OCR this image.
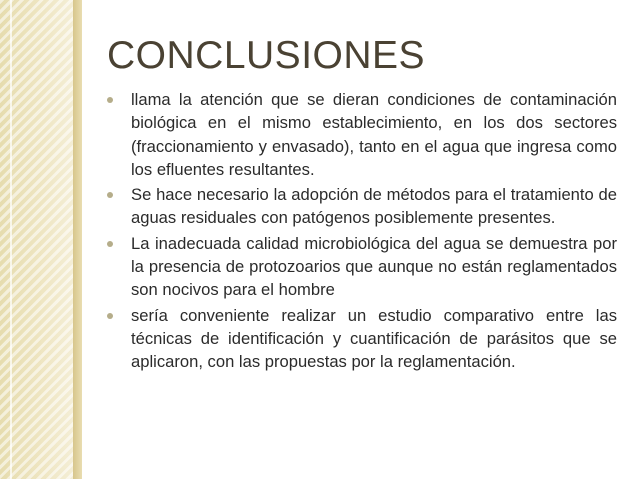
CONCLUSIONES
llama la atención que se dieran condiciones de contaminación biológica en el mismo establecimiento, en los dos sectores (fraccionamiento y envasado), tanto en el agua que ingresa como los efluentes resultantes.
Se hace necesario la adopción de métodos para el tratamiento de aguas residuales con patógenos posiblemente presentes.
La inadecuada calidad microbiológica del agua se demuestra por la presencia de protozoarios que aunque no están reglamentados son nocivos para el hombre
sería conveniente realizar un estudio comparativo entre las técnicas de identificación y cuantificación de parásitos que se aplicaron, con las propuestas por la reglamentación.
